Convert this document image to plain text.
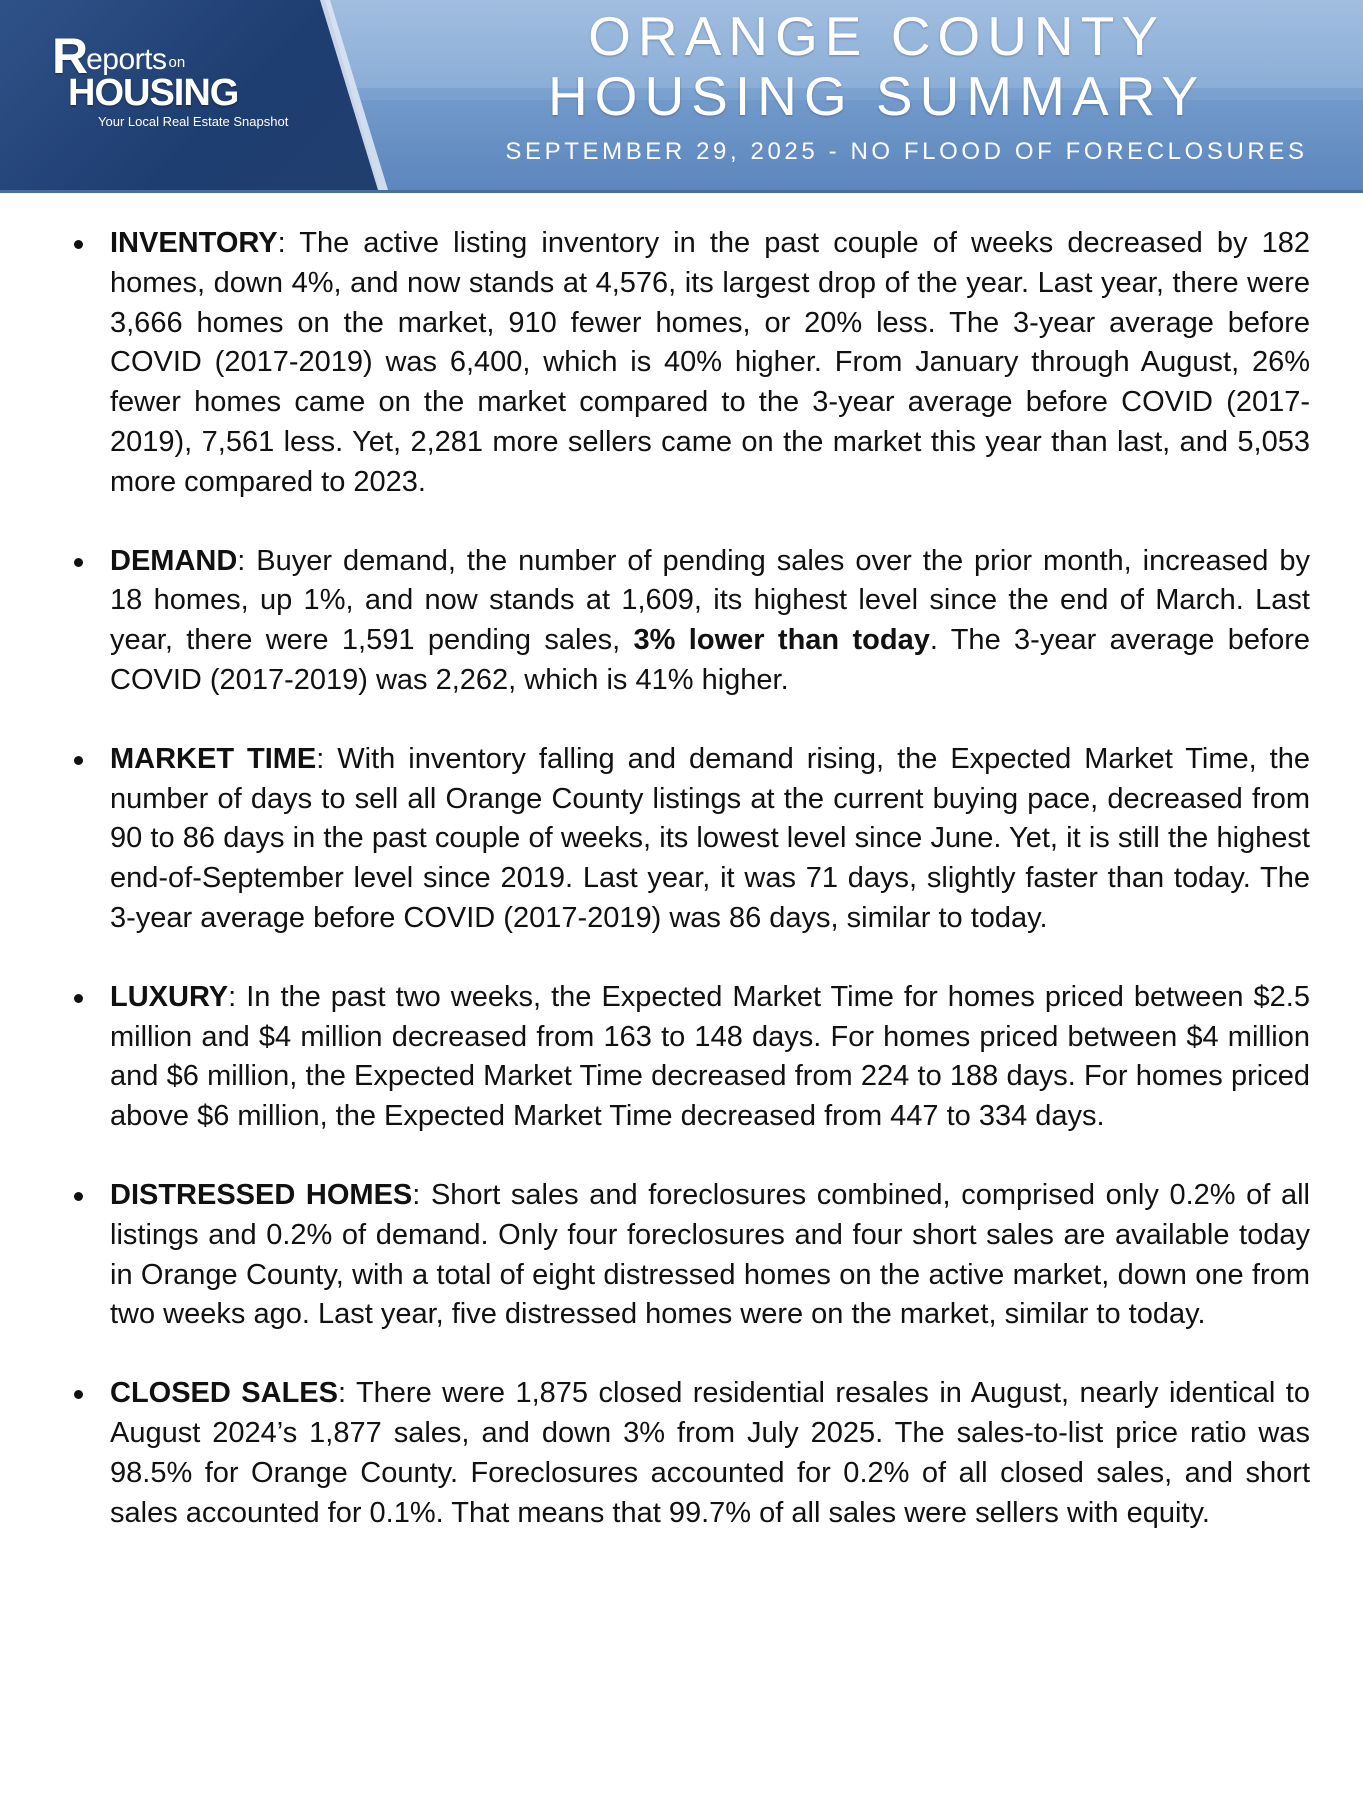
R eports on
HOUSING
Your Local Real Estate Snapshot
ORANGE COUNTY
HOUSING SUMMARY
SEPTEMBER 29, 2025 - NO FLOOD OF FORECLOSURES
INVENTORY: The active listing inventory in the past couple of weeks decreased by 182 homes, down 4%, and now stands at 4,576, its largest drop of the year. Last year, there were 3,666 homes on the market, 910 fewer homes, or 20% less. The 3-year average before COVID (2017-2019) was 6,400, which is 40% higher. From January through August, 26% fewer homes came on the market compared to the 3-year average before COVID (2017-2019), 7,561 less. Yet, 2,281 more sellers came on the market this year than last, and 5,053 more compared to 2023.
DEMAND: Buyer demand, the number of pending sales over the prior month, increased by 18 homes, up 1%, and now stands at 1,609, its highest level since the end of March. Last year, there were 1,591 pending sales, 3% lower than today. The 3-year average before COVID (2017-2019) was 2,262, which is 41% higher.
MARKET TIME: With inventory falling and demand rising, the Expected Market Time, the number of days to sell all Orange County listings at the current buying pace, decreased from 90 to 86 days in the past couple of weeks, its lowest level since June. Yet, it is still the highest end-of-September level since 2019. Last year, it was 71 days, slightly faster than today. The 3-year average before COVID (2017-2019) was 86 days, similar to today.
LUXURY: In the past two weeks, the Expected Market Time for homes priced between $2.5 million and $4 million decreased from 163 to 148 days. For homes priced between $4 million and $6 million, the Expected Market Time decreased from 224 to 188 days. For homes priced above $6 million, the Expected Market Time decreased from 447 to 334 days.
DISTRESSED HOMES: Short sales and foreclosures combined, comprised only 0.2% of all listings and 0.2% of demand. Only four foreclosures and four short sales are available today in Orange County, with a total of eight distressed homes on the active market, down one from two weeks ago. Last year, five distressed homes were on the market, similar to today.
CLOSED SALES: There were 1,875 closed residential resales in August, nearly identical to August 2024’s 1,877 sales, and down 3% from July 2025. The sales-to-list price ratio was 98.5% for Orange County. Foreclosures accounted for 0.2% of all closed sales, and short sales accounted for 0.1%. That means that 99.7% of all sales were sellers with equity.
